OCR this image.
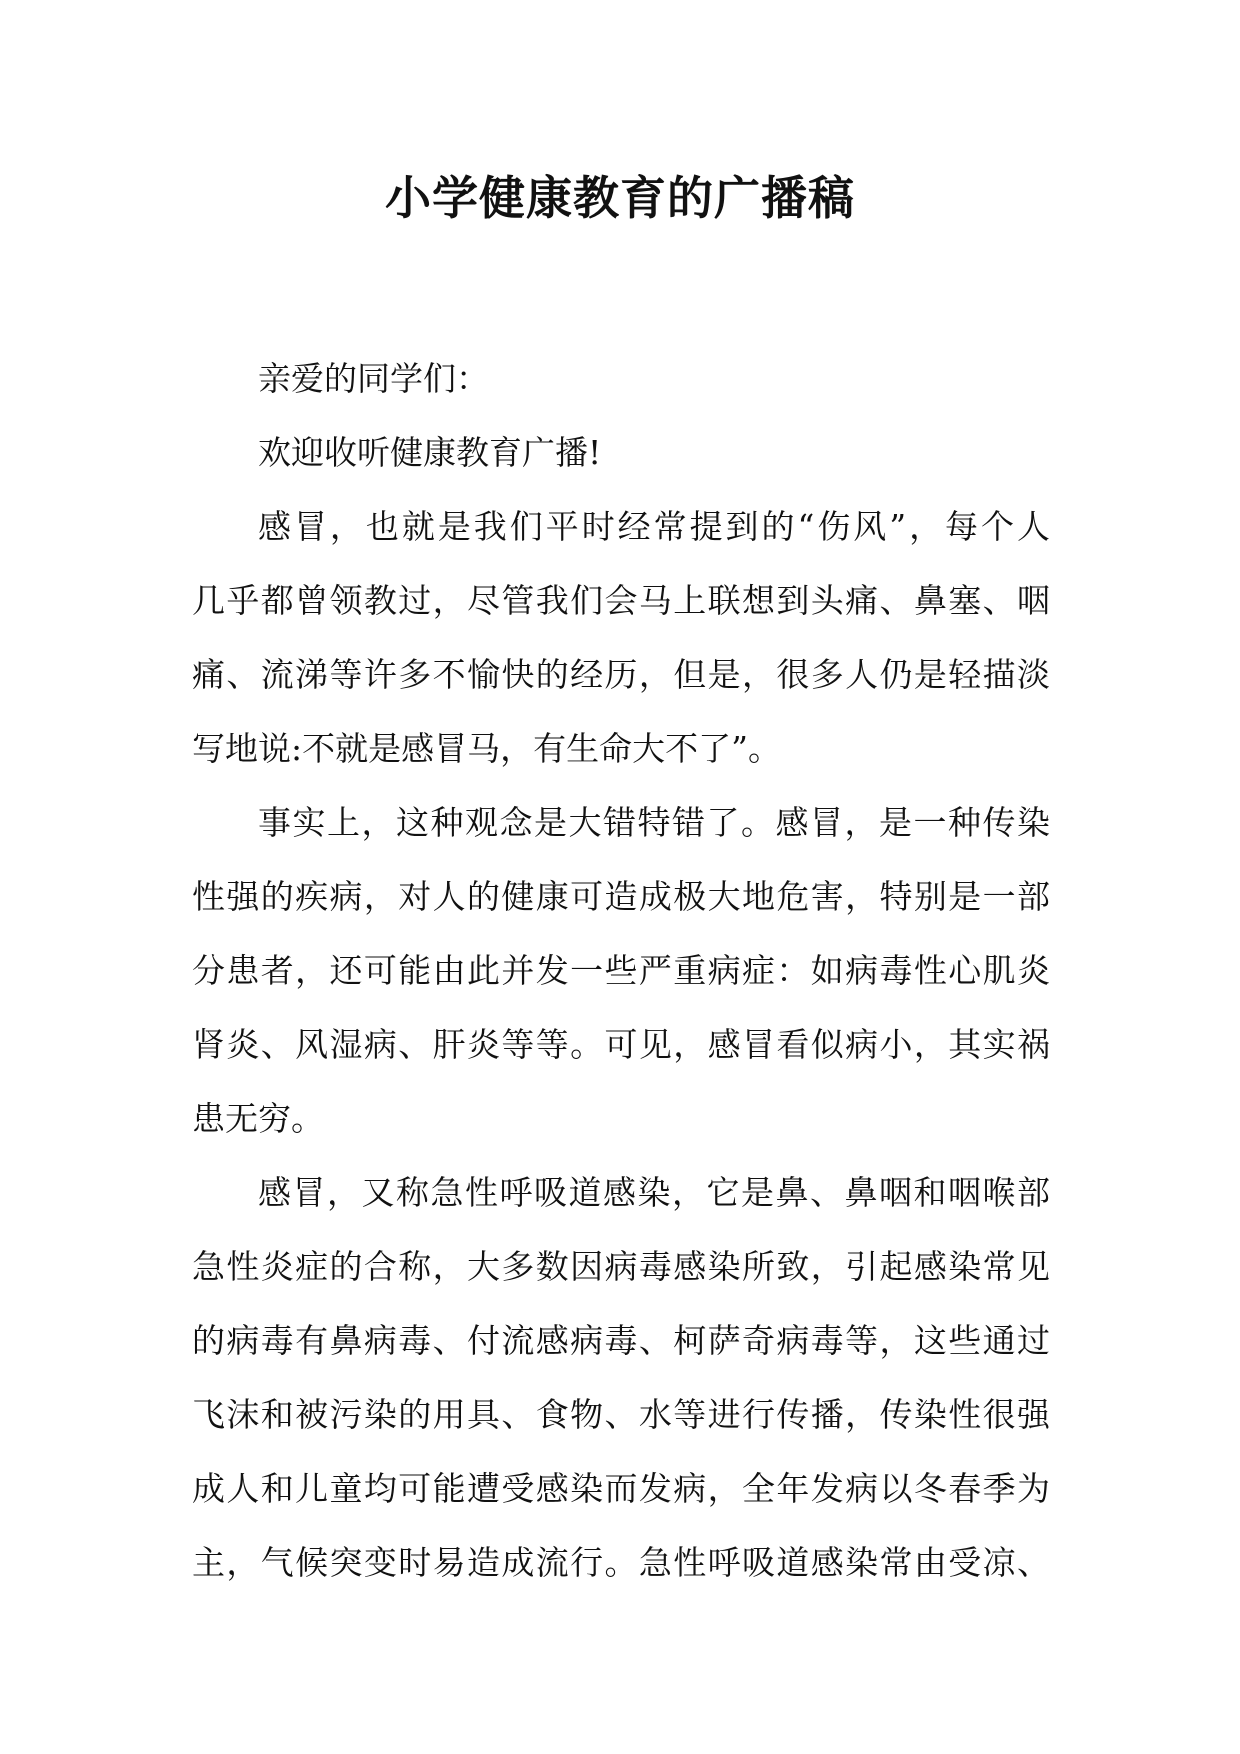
小学健康教育的广播稿
亲爱的同学们：
欢迎收听健康教育广播!
感冒，也就是我们平时经常提到的“伤风”，每个人
几乎都曾领教过，尽管我们会马上联想到头痛、鼻塞、咽
痛、流涕等许多不愉快的经历，但是，很多人仍是轻描淡
写地说:不就是感冒马，有生命大不了”。
事实上，这种观念是大错特错了。感冒，是一种传染
性强的疾病，对人的健康可造成极大地危害，特别是一部
分患者，还可能由此并发一些严重病症：如病毒性心肌炎
肾炎、风湿病、肝炎等等。可见，感冒看似病小，其实祸
患无穷。
感冒，又称急性呼吸道感染，它是鼻、鼻咽和咽喉部
急性炎症的合称，大多数因病毒感染所致，引起感染常见
的病毒有鼻病毒、付流感病毒、柯萨奇病毒等，这些通过
飞沫和被污染的用具、食物、水等进行传播，传染性很强
成人和儿童均可能遭受感染而发病，全年发病以冬春季为
主，气候突变时易造成流行。急性呼吸道感染常由受凉、
